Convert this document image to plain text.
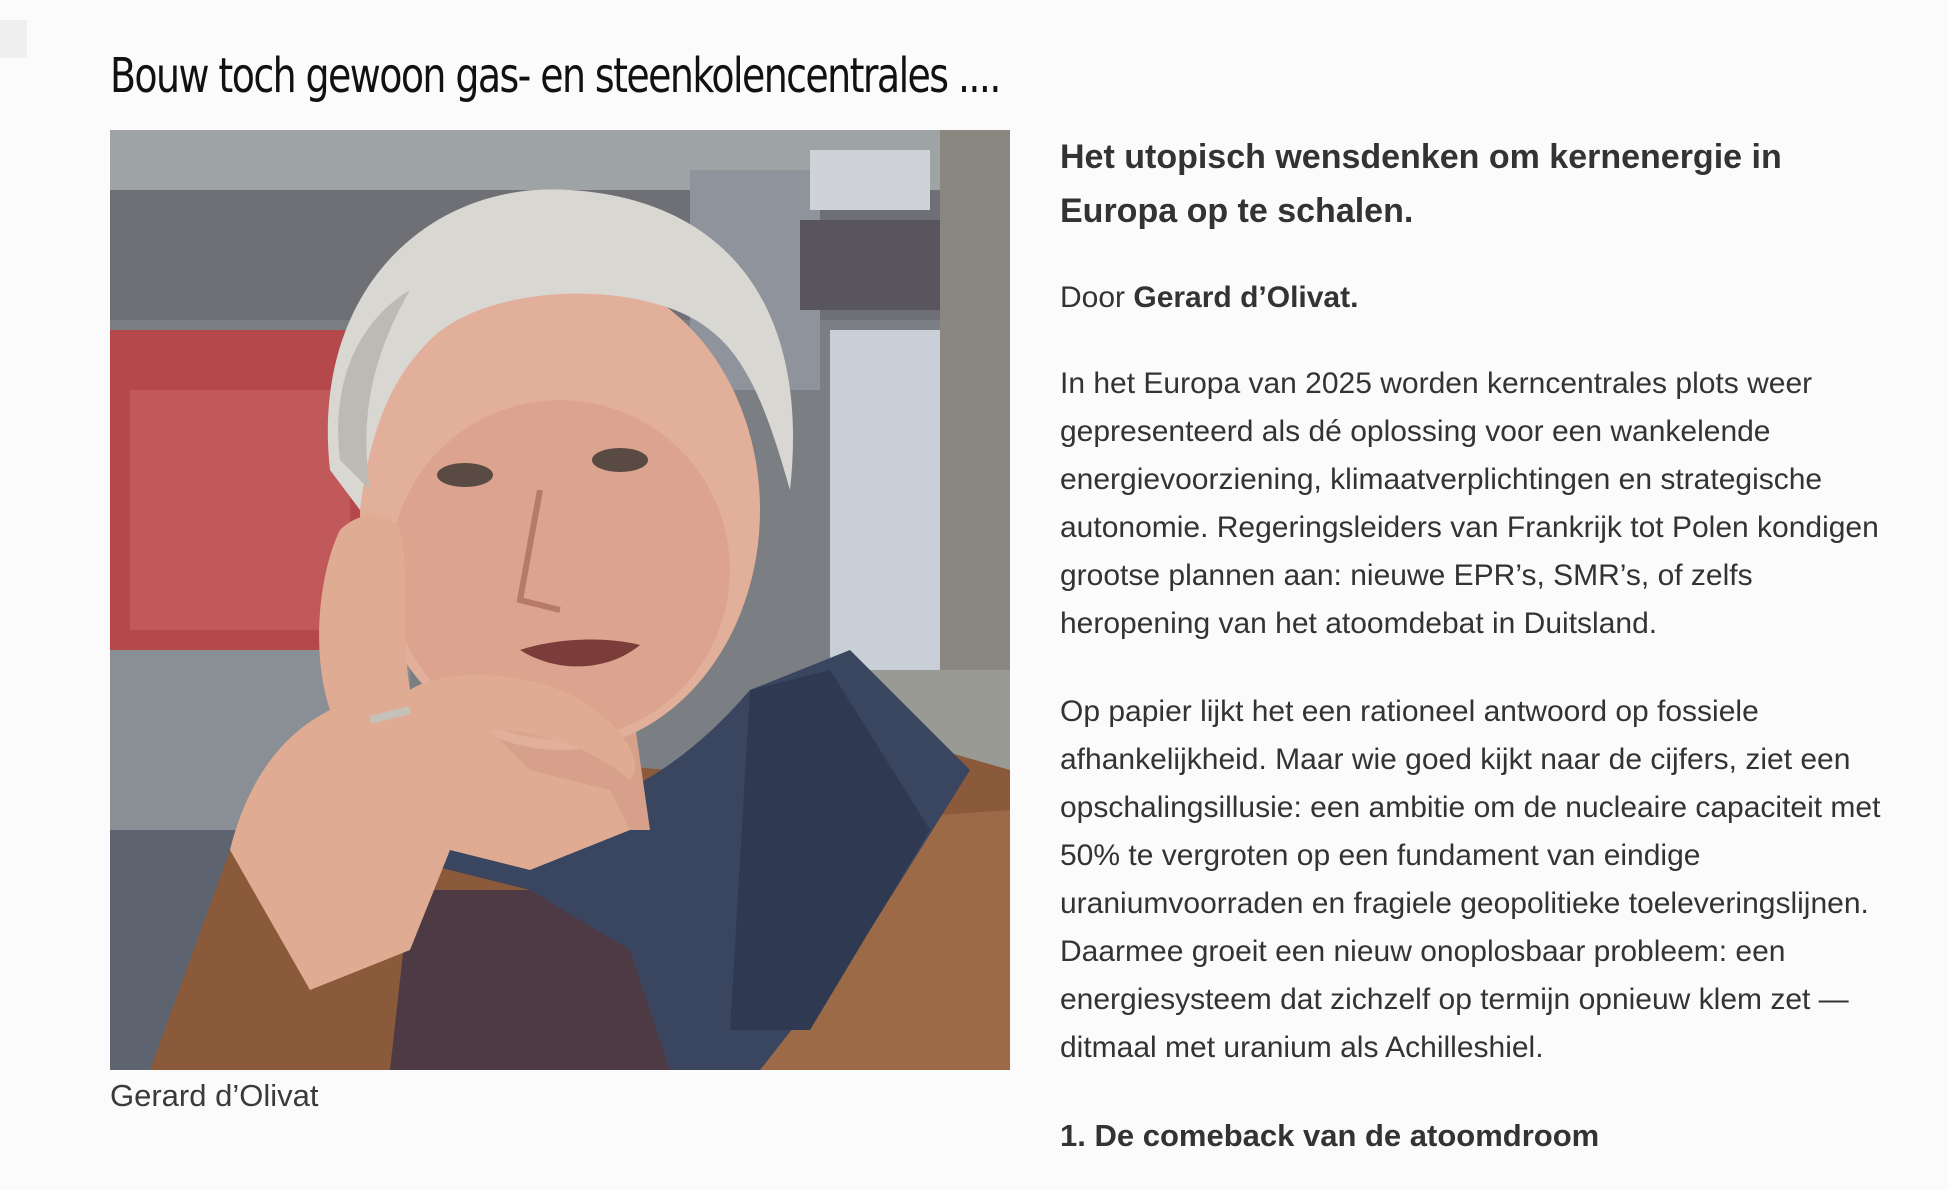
Bouw toch gewoon gas- en steenkolencentrales ....
Gerard d’Olivat
Het utopisch wensdenken om kernenergie in Europa op te schalen.

Door Gerard d’Olivat.

In het Europa van 2025 worden kerncentrales plots weer gepresenteerd als dé oplossing voor een wankelende energievoorziening, klimaatverplichtingen en strategische autonomie. Regeringsleiders van Frankrijk tot Polen kondigen grootse plannen aan: nieuwe EPR’s, SMR’s, of zelfs heropening van het atoomdebat in Duitsland.

Op papier lijkt het een rationeel antwoord op fossiele afhankelijkheid. Maar wie goed kijkt naar de cijfers, ziet een opschalingsillusie: een ambitie om de nucleaire capaciteit met 50% te vergroten op een fundament van eindige uraniumvoorraden en fragiele geopolitieke toeleveringslijnen. Daarmee groeit een nieuw onoplosbaar probleem: een energiesysteem dat zichzelf op termijn opnieuw klem zet — ditmaal met uranium als Achilleshiel.

1. De comeback van de atoomdroom
